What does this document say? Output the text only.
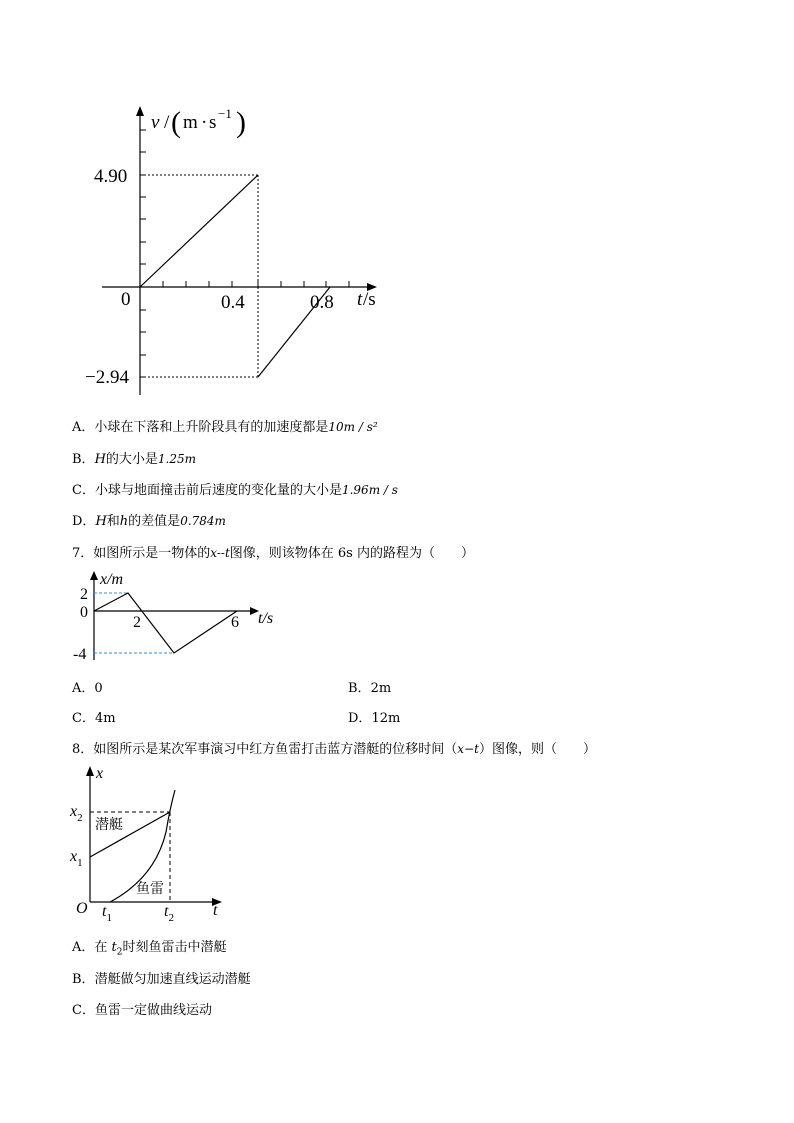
v / ( m · s −1 )
4.90
−2.94
0	0.4	0.8 t /s
A．小球在下落和上升阶段具有的加速度都是10m / s²
B．H的大小是1.25m
C．小球与地面撞击前后速度的变化量的大小是1.96m / s
D．H和h的差值是0.784m
7．如图所示是一物体的x--t图像，则该物体在 6s 内的路程为（　　）
x/m
2
0
-4
2	6 t/s
A．0	B．2m
C．4m	D．12m
8．如图所示是某次军事演习中红方鱼雷打击蓝方潜艇的位移时间（x−t）图像，则（　　）
x
$x_2$
$x_1$
O $t_1$	$t_2$ t
潜艇
鱼雷
A．在 $t_2$时刻鱼雷击中潜艇
B．潜艇做匀加速直线运动潜艇
C．鱼雷一定做曲线运动
